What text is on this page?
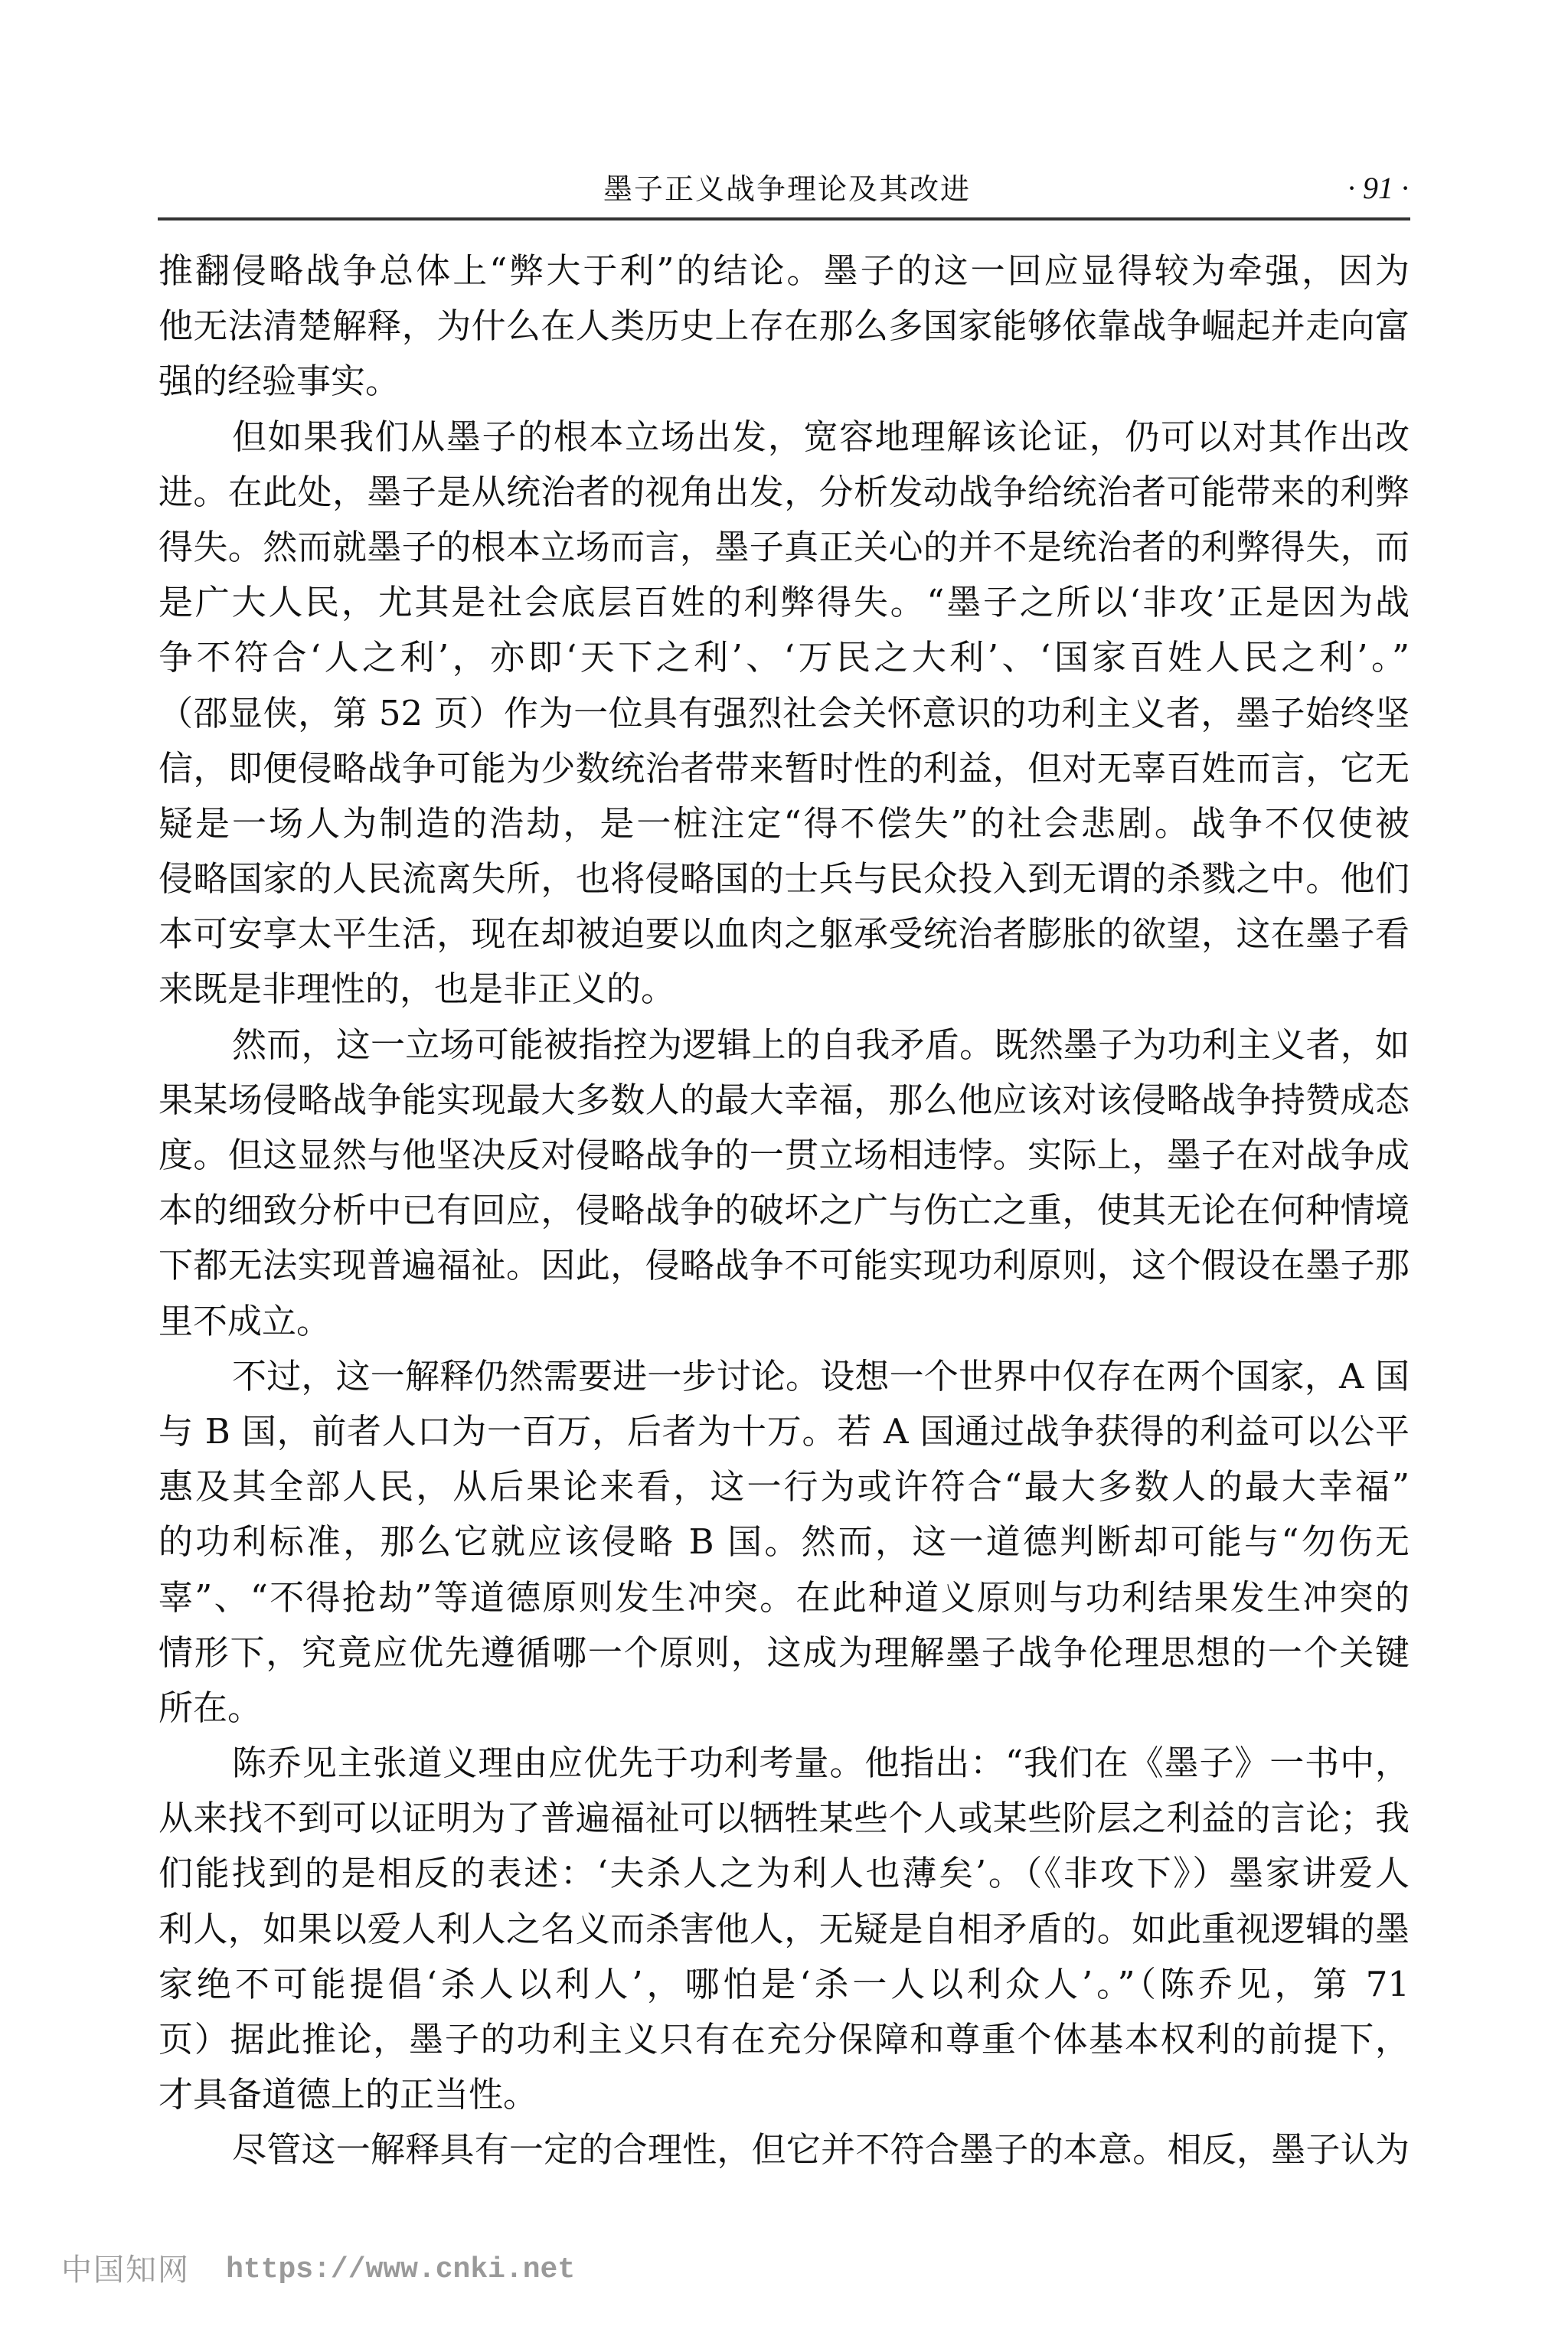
墨子正义战争理论及其改进	· 91 ·
推翻侵略战争总体上“弊大于利”的结论。墨子的这一回应显得较为牵强，因为
他无法清楚解释，为什么在人类历史上存在那么多国家能够依靠战争崛起并走向富
强的经验事实。
但如果我们从墨子的根本立场出发，宽容地理解该论证，仍可以对其作出改
进。在此处，墨子是从统治者的视角出发，分析发动战争给统治者可能带来的利弊
得失。然而就墨子的根本立场而言，墨子真正关心的并不是统治者的利弊得失，而
是广大人民，尤其是社会底层百姓的利弊得失。“墨子之所以‘非攻’正是因为战
争不符合‘人之利’，亦即‘天下之利’、‘万民之大利’、‘国家百姓人民之利’。”
（邵显侠，第 52 页）作为一位具有强烈社会关怀意识的功利主义者，墨子始终坚
信，即便侵略战争可能为少数统治者带来暂时性的利益，但对无辜百姓而言，它无
疑是一场人为制造的浩劫，是一桩注定“得不偿失”的社会悲剧。战争不仅使被
侵略国家的人民流离失所，也将侵略国的士兵与民众投入到无谓的杀戮之中。他们
本可安享太平生活，现在却被迫要以血肉之躯承受统治者膨胀的欲望，这在墨子看
来既是非理性的，也是非正义的。
然而，这一立场可能被指控为逻辑上的自我矛盾。既然墨子为功利主义者，如
果某场侵略战争能实现最大多数人的最大幸福，那么他应该对该侵略战争持赞成态
度。但这显然与他坚决反对侵略战争的一贯立场相违悖。实际上，墨子在对战争成
本的细致分析中已有回应，侵略战争的破坏之广与伤亡之重，使其无论在何种情境
下都无法实现普遍福祉。因此，侵略战争不可能实现功利原则，这个假设在墨子那
里不成立。
不过，这一解释仍然需要进一步讨论。设想一个世界中仅存在两个国家，A 国
与 B 国，前者人口为一百万，后者为十万。若 A 国通过战争获得的利益可以公平
惠及其全部人民，从后果论来看，这一行为或许符合“最大多数人的最大幸福”
的功利标准，那么它就应该侵略 B 国。然而，这一道德判断却可能与“勿伤无
辜”、“不得抢劫”等道德原则发生冲突。在此种道义原则与功利结果发生冲突的
情形下，究竟应优先遵循哪一个原则，这成为理解墨子战争伦理思想的一个关键
所在。
陈乔见主张道义理由应优先于功利考量。他指出：“我们在《墨子》一书中，
从来找不到可以证明为了普遍福祉可以牺牲某些个人或某些阶层之利益的言论；我
们能找到的是相反的表述：‘夫杀人之为利人也薄矣’。（《非攻下》）墨家讲爱人
利人，如果以爱人利人之名义而杀害他人，无疑是自相矛盾的。如此重视逻辑的墨
家绝不可能提倡‘杀人以利人’，哪怕是‘杀一人以利众人’。”（陈乔见，第 71
页）据此推论，墨子的功利主义只有在充分保障和尊重个体基本权利的前提下，
才具备道德上的正当性。
尽管这一解释具有一定的合理性，但它并不符合墨子的本意。相反，墨子认为
中国知网 https://www.cnki.net
